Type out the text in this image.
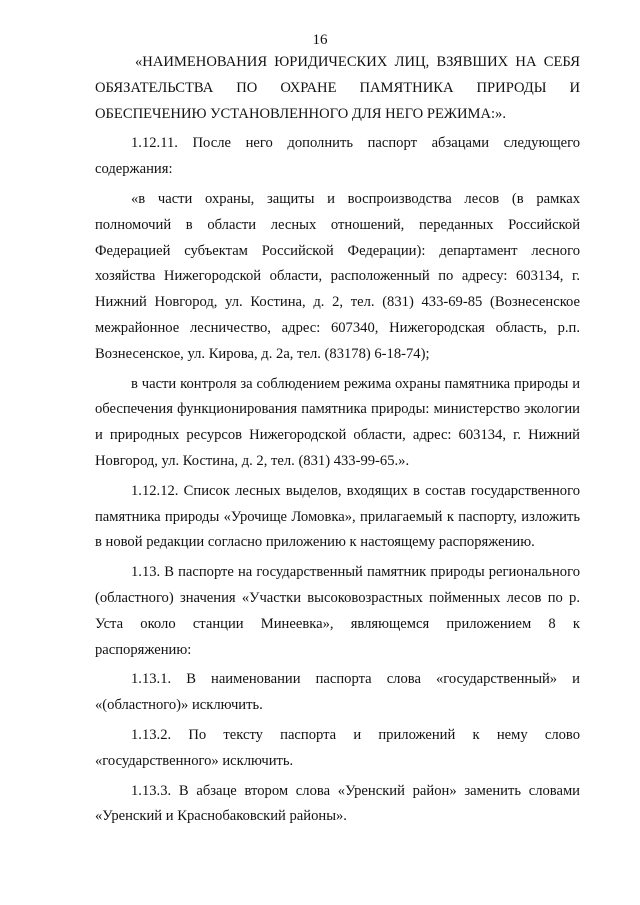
16

«НАИМЕНОВАНИЯ ЮРИДИЧЕСКИХ ЛИЦ, ВЗЯВШИХ НА СЕБЯ ОБЯЗАТЕЛЬСТВА ПО ОХРАНЕ ПАМЯТНИКА ПРИРОДЫ И ОБЕСПЕЧЕНИЮ УСТАНОВЛЕННОГО ДЛЯ НЕГО РЕЖИМА:».

1.12.11. После него дополнить паспорт абзацами следующего содержания:

«в части охраны, защиты и воспроизводства лесов (в рамках полномочий в области лесных отношений, переданных Российской Федерацией субъектам Российской Федерации): департамент лесного хозяйства Нижегородской области, расположенный по адресу: 603134, г. Нижний Новгород, ул. Костина, д. 2, тел. (831) 433-69-85 (Вознесенское межрайонное лесничество, адрес: 607340, Нижегородская область, р.п. Вознесенское, ул. Кирова, д. 2а, тел. (83178) 6-18-74);

в части контроля за соблюдением режима охраны памятника природы и обеспечения функционирования памятника природы: министерство экологии и природных ресурсов Нижегородской области, адрес: 603134, г. Нижний Новгород, ул. Костина, д. 2, тел. (831) 433-99-65.».

1.12.12. Список лесных выделов, входящих в состав государственного памятника природы «Урочище Ломовка», прилагаемый к паспорту, изложить в новой редакции согласно приложению к настоящему распоряжению.

1.13. В паспорте на государственный памятник природы регионального (областного) значения «Участки высоковозрастных пойменных лесов по р. Уста около станции Минеевка», являющемся приложением 8 к распоряжению:

1.13.1. В наименовании паспорта слова «государственный» и «(областного)» исключить.

1.13.2. По тексту паспорта и приложений к нему слово «государственного» исключить.

1.13.3. В абзаце втором слова «Уренский район» заменить словами «Уренский и Краснобаковский районы».
